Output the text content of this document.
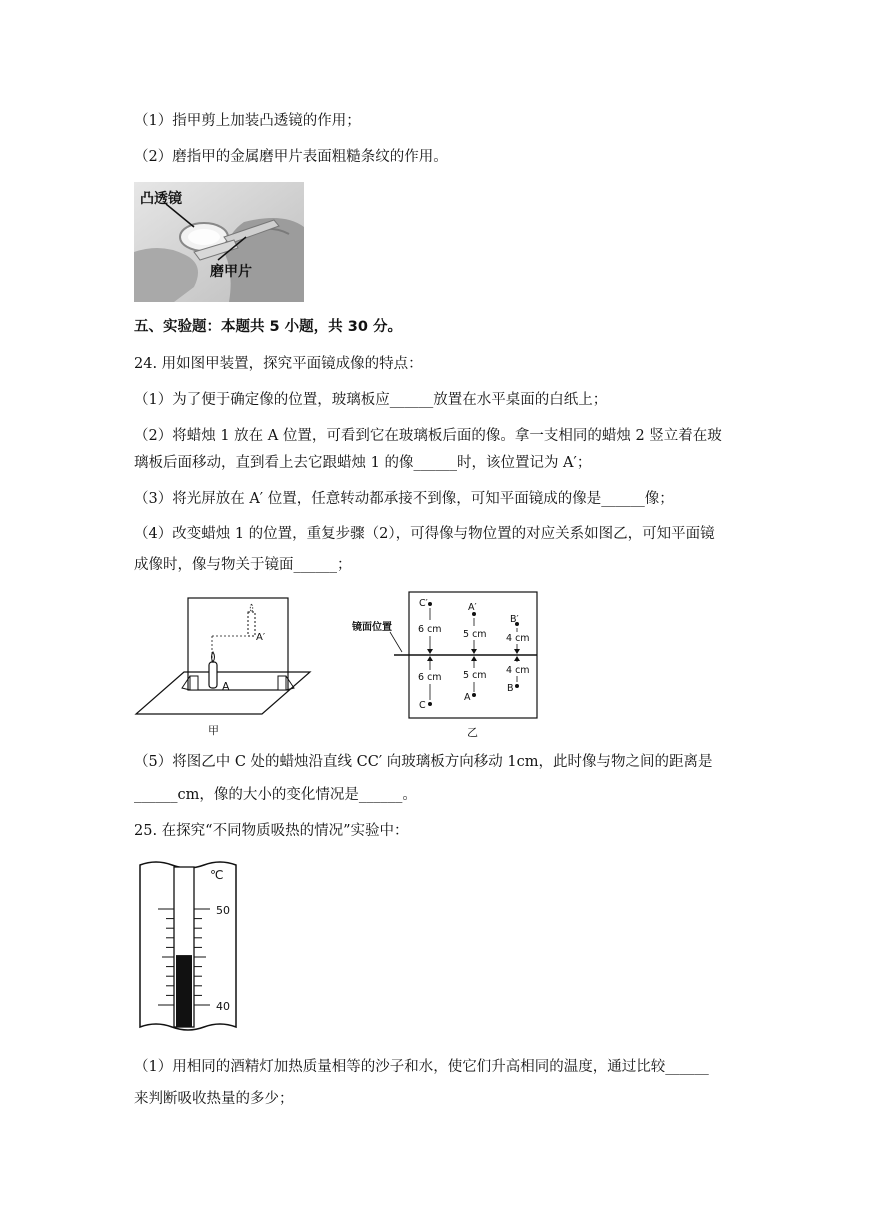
（1）指甲剪上加装凸透镜的作用；
（2）磨指甲的金属磨甲片表面粗糙条纹的作用。
凸透镜
磨甲片
五、实验题：本题共 5 小题，共 30 分。
24. 用如图甲装置，探究平面镜成像的特点：
（1）为了便于确定像的位置，玻璃板应______放置在水平桌面的白纸上；
（2）将蜡烛 1 放在 A 位置，可看到它在玻璃板后面的像。拿一支相同的蜡烛 2 竖立着在玻
璃板后面移动，直到看上去它跟蜡烛 1 的像______时，该位置记为 A′；
（3）将光屏放在 A′ 位置，任意转动都承接不到像，可知平面镜成的像是______像；
（4）改变蜡烛 1 的位置，重复步骤（2），可得像与物位置的对应关系如图乙，可知平面镜
成像时，像与物关于镜面______；
A
A′
甲
镜面位置
C′
6 cm
6 cm
C
A′
5 cm
5 cm
A
B′
4 cm
4 cm
B
乙
（5）将图乙中 C 处的蜡烛沿直线 CC′ 向玻璃板方向移动 1cm，此时像与物之间的距离是
______cm，像的大小的变化情况是______。
25. 在探究“不同物质吸热的情况”实验中：
℃
50
40
（1）用相同的酒精灯加热质量相等的沙子和水，使它们升高相同的温度，通过比较______
来判断吸收热量的多少；
